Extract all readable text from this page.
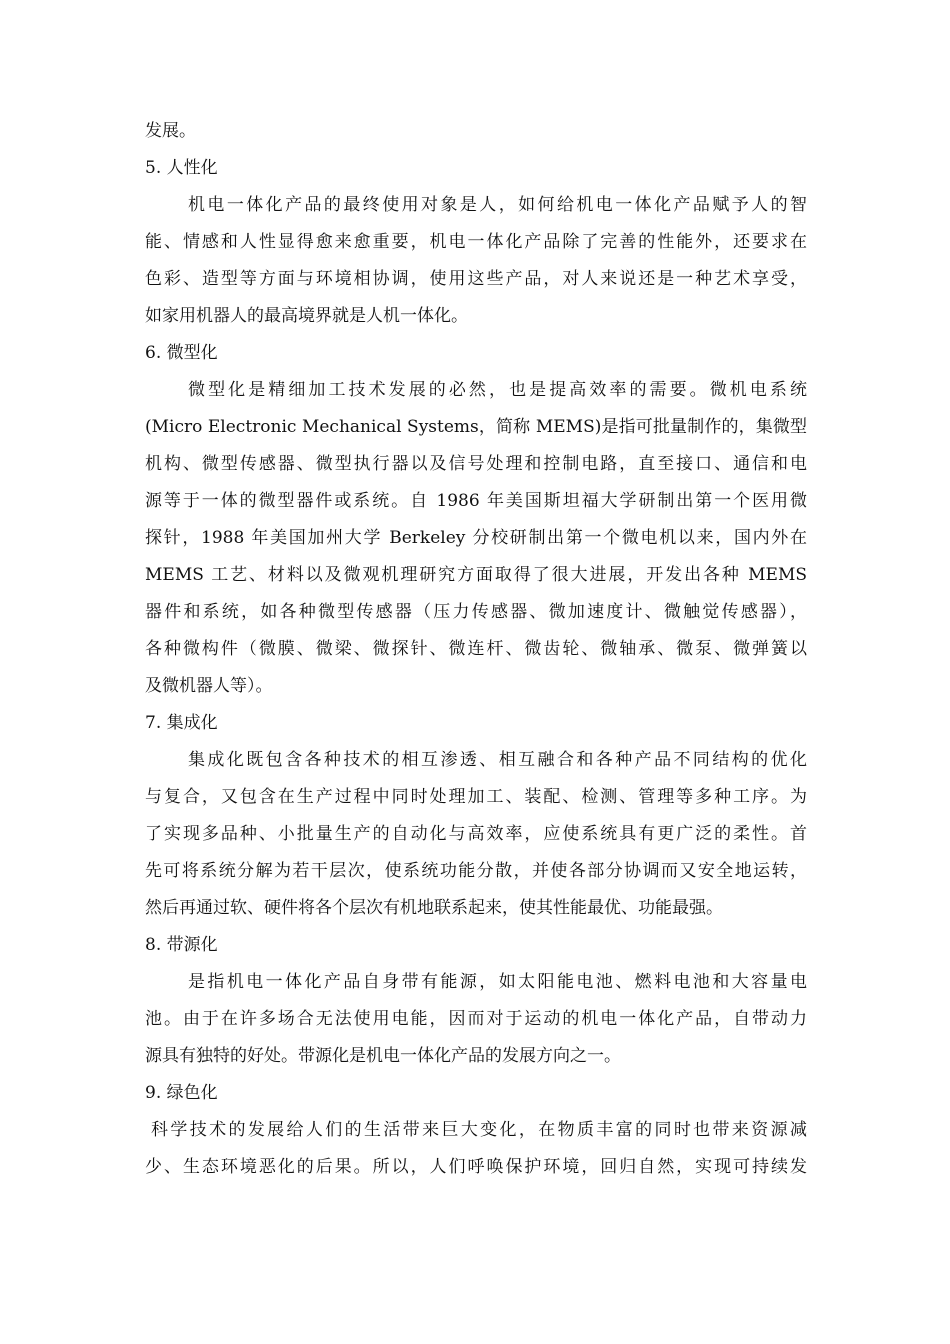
发展。
5. 人性化
机电一体化产品的最终使用对象是人，如何给机电一体化产品赋予人的智
能、情感和人性显得愈来愈重要，机电一体化产品除了完善的性能外，还要求在
色彩、造型等方面与环境相协调，使用这些产品，对人来说还是一种艺术享受，
如家用机器人的最高境界就是人机一体化。
6. 微型化
微型化是精细加工技术发展的必然，也是提高效率的需要。微机电系统
(Micro Electronic Mechanical Systems，简称 MEMS)是指可批量制作的，集微型
机构、微型传感器、微型执行器以及信号处理和控制电路，直至接口、通信和电
源等于一体的微型器件或系统。自 1986 年美国斯坦福大学研制出第一个医用微
探针，1988 年美国加州大学 Berkeley 分校研制出第一个微电机以来，国内外在
MEMS 工艺、材料以及微观机理研究方面取得了很大进展，开发出各种 MEMS
器件和系统，如各种微型传感器（压力传感器、微加速度计、微触觉传感器），
各种微构件（微膜、微梁、微探针、微连杆、微齿轮、微轴承、微泵、微弹簧以
及微机器人等）。
7. 集成化
集成化既包含各种技术的相互渗透、相互融合和各种产品不同结构的优化
与复合，又包含在生产过程中同时处理加工、装配、检测、管理等多种工序。为
了实现多品种、小批量生产的自动化与高效率，应使系统具有更广泛的柔性。首
先可将系统分解为若干层次，使系统功能分散，并使各部分协调而又安全地运转，
然后再通过软、硬件将各个层次有机地联系起来，使其性能最优、功能最强。
8. 带源化
是指机电一体化产品自身带有能源，如太阳能电池、燃料电池和大容量电
池。由于在许多场合无法使用电能，因而对于运动的机电一体化产品，自带动力
源具有独特的好处。带源化是机电一体化产品的发展方向之一。
9. 绿色化
科学技术的发展给人们的生活带来巨大变化，在物质丰富的同时也带来资源减
少、生态环境恶化的后果。所以，人们呼唤保护环境，回归自然，实现可持续发
